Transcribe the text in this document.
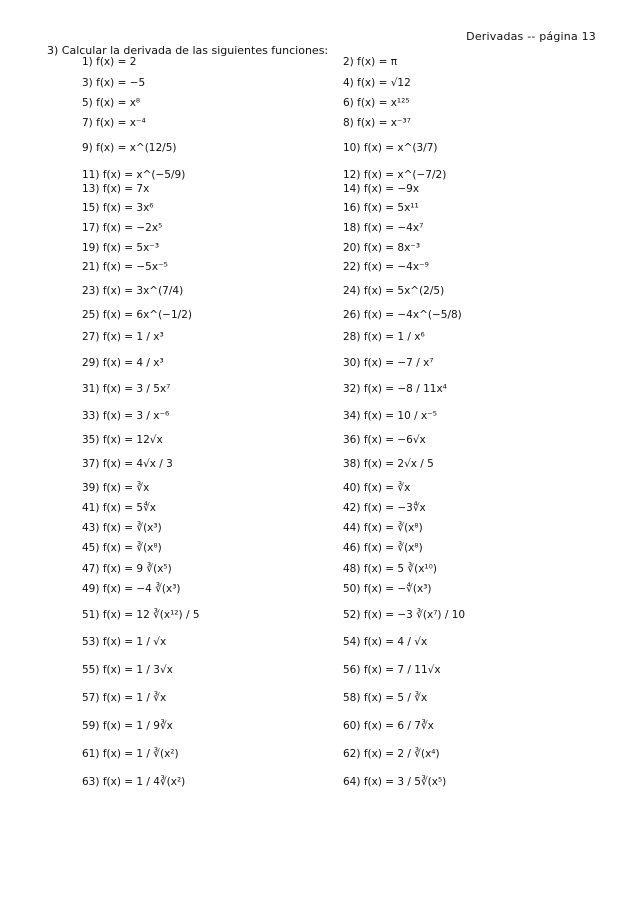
Derivadas -- página 13
3) Calcular la derivada de las siguientes funciones:
1) f(x) = 2
3) f(x) = −5
5) f(x) = x⁸
7) f(x) = x⁻⁴
9) f(x) = x^(12/5)
11) f(x) = x^(−5/9)
13) f(x) = 7x
15) f(x) = 3x⁶
17) f(x) = −2x⁵
19) f(x) = 5x⁻³
21) f(x) = −5x⁻⁵
23) f(x) = 3x^(7/4)
25) f(x) = 6x^(−1/2)
27) f(x) = 1 / x³
29) f(x) = 4 / x³
31) f(x) = 3 / 5x⁷
33) f(x) = 3 / x⁻⁶
35) f(x) = 12√x
37) f(x) = 4√x / 3
39) f(x) = ∛x
41) f(x) = 5∜x
43) f(x) = ∛(x³)
45) f(x) = ∛(x⁸)
47) f(x) = 9 ∛(x⁵)
49) f(x) = −4 ∛(x³)
51) f(x) = 12 ∛(x¹²) / 5
53) f(x) = 1 / √x
55) f(x) = 1 / 3√x
57) f(x) = 1 / ∛x
59) f(x) = 1 / 9∛x
61) f(x) = 1 / ∛(x²)
63) f(x) = 1 / 4∛(x²)
2) f(x) = π
4) f(x) = √12
6) f(x) = x¹²⁵
8) f(x) = x⁻³⁷
10) f(x) = x^(3/7)
12) f(x) = x^(−7/2)
14) f(x) = −9x
16) f(x) = 5x¹¹
18) f(x) = −4x⁷
20) f(x) = 8x⁻³
22) f(x) = −4x⁻⁹
24) f(x) = 5x^(2/5)
26) f(x) = −4x^(−5/8)
28) f(x) = 1 / x⁶
30) f(x) = −7 / x⁷
32) f(x) = −8 / 11x⁴
34) f(x) = 10 / x⁻⁵
36) f(x) = −6√x
38) f(x) = 2√x / 5
40) f(x) = ∛x
42) f(x) = −3∜x
44) f(x) = ∛(x⁸)
46) f(x) = ∛(x⁸)
48) f(x) = 5 ∛(x¹⁰)
50) f(x) = −∜(x³)
52) f(x) = −3 ∛(x⁷) / 10
54) f(x) = 4 / √x
56) f(x) = 7 / 11√x
58) f(x) = 5 / ∛x
60) f(x) = 6 / 7∛x
62) f(x) = 2 / ∛(x⁴)
64) f(x) = 3 / 5∛(x⁵)
